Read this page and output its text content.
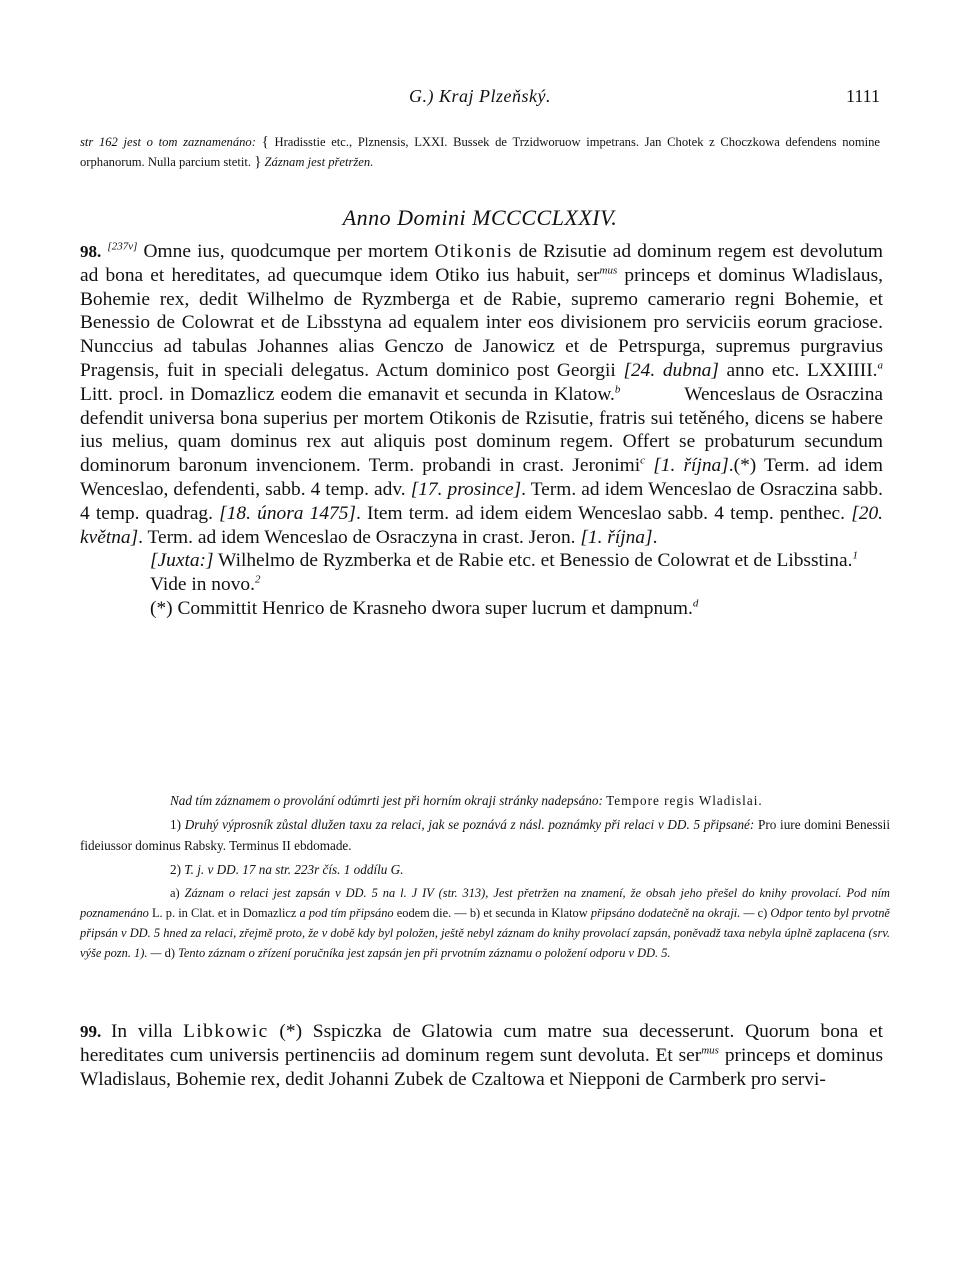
G.) Kraj Plzeňský.	1111
str 162 jest o tom zaznamenáno: { Hradisstie etc., Plznensis, LXXI. Bussek de Trzidworuow impetrans. Jan Chotek z Choczkowa defendens nomine orphanorum. Nulla parcium stetit. } Záznam jest přetržen.
Anno Domini MCCCCLXXIV.

98. [237v] Omne ius, quodcumque per mortem Otikonis de Rzisutie ad dominum regem est devolutum ad bona et hereditates, ad quecumque idem Otiko ius habuit, ser$^{mus}$ princeps et dominus Wladislaus, Bohemie rex, dedit Wilhelmo de Ryzmberga et de Rabie, supremo camerario regni Bohemie, et Benessio de Colowrat et de Libsstyna ad equalem inter eos divisionem pro serviciis eorum graciose. Nunccius ad tabulas Johannes alias Genczo de Janowicz et de Petrspurga, supremus purgravius Pragensis, fuit in speciali delegatus. Actum dominico post Georgii [24. dubna] anno etc. LXXIIII.$^a$ Litt. procl. in Domazlicz eodem die emanavit et secunda in Klatow.$^b$   	Wenceslaus de Osraczina defendit universa bona superius per mortem Otikonis de Rzisutie, fratris sui tetěného, dicens se habere ius melius, quam dominus rex aut aliquis post dominum regem. Offert se probaturum secundum dominorum baronum invencionem. Term. probandi in crast. Jeronimi$^c$ [1. října].(*) Term. ad idem Wenceslao, defendenti, sabb. 4 temp. adv. [17. prosince]. Term. ad idem Wenceslao de Osraczina sabb. 4 temp. quadrag. [18. února 1475]. Item term. ad idem eidem Wenceslao sabb. 4 temp. penthec. [20. května]. Term. ad idem Wenceslao de Osraczyna in crast. Jeron. [1. října].

[Juxta:] Wilhelmo de Ryzmberka et de Rabie etc. et Benessio de Colowrat et de Libsstina.$^1$

Vide in novo.$^2$

(*) Committit Henrico de Krasneho dwora super lucrum et dampnum.$^d$

Nad tím záznamem o provolání odúmrti jest při horním okraji stránky nadepsáno: Tempore regis Wladislai.

1) Druhý výprosník zůstal dlužen taxu za relaci, jak se poznává z násl. poznámky při relaci v DD. 5 připsané: Pro iure domini Benessii fideiussor dominus Rabsky. Terminus II ebdomade.

2) T. j. v DD. 17 na str. 223r čís. 1 oddílu G.

a) Záznam o relaci jest zapsán v DD. 5 na l. J IV (str. 313), Jest přetržen na znamení, že obsah jeho přešel do knihy provolací. Pod ním poznamenáno L. p. in Clat. et in Domazlicz a pod tím připsáno eodem die. — b) et secunda in Klatow připsáno dodatečně na okraji. — c) Odpor tento byl prvotně připsán v DD. 5 hned za relaci, zřejmě proto, že v době kdy byl položen, ještě nebyl záznam do knihy provolací zapsán, poněvadž taxa nebyla úplně zaplacena (srv. výše pozn. 1). — d) Tento záznam o zřízení poručníka jest zapsán jen při prvotním záznamu o položení odporu v DD. 5.

99.  In villa Libkowic (*) Sspiczka de Glatowia cum matre sua decesserunt. Quorum bona et hereditates cum universis pertinenciis ad dominum regem sunt devoluta. Et ser$^{mus}$ princeps et dominus Wladislaus, Bohemie rex, dedit Johanni Zubek de Czaltowa et Niepроni de Carmberk pro servi-
